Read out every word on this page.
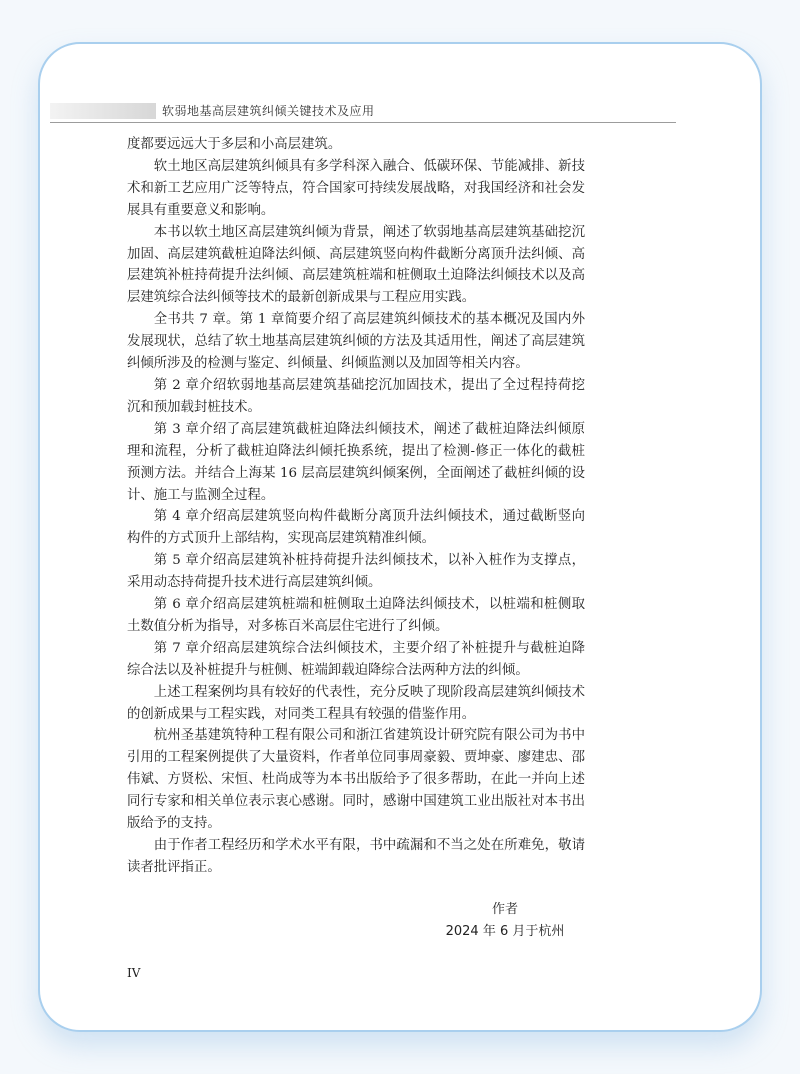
软弱地基高层建筑纠倾关键技术及应用

度都要远远大于多层和小高层建筑。

软土地区高层建筑纠倾具有多学科深入融合、低碳环保、节能减排、新技术和新工艺应用广泛等特点，符合国家可持续发展战略，对我国经济和社会发展具有重要意义和影响。

本书以软土地区高层建筑纠倾为背景，阐述了软弱地基高层建筑基础挖沉加固、高层建筑截桩迫降法纠倾、高层建筑竖向构件截断分离顶升法纠倾、高层建筑补桩持荷提升法纠倾、高层建筑桩端和桩侧取土迫降法纠倾技术以及高层建筑综合法纠倾等技术的最新创新成果与工程应用实践。

全书共 7 章。第 1 章简要介绍了高层建筑纠倾技术的基本概况及国内外发展现状，总结了软土地基高层建筑纠倾的方法及其适用性，阐述了高层建筑纠倾所涉及的检测与鉴定、纠倾量、纠倾监测以及加固等相关内容。

第 2 章介绍软弱地基高层建筑基础挖沉加固技术，提出了全过程持荷挖沉和预加载封桩技术。

第 3 章介绍了高层建筑截桩迫降法纠倾技术，阐述了截桩迫降法纠倾原理和流程，分析了截桩迫降法纠倾托换系统，提出了检测-修正一体化的截桩预测方法。并结合上海某 16 层高层建筑纠倾案例，全面阐述了截桩纠倾的设计、施工与监测全过程。

第 4 章介绍高层建筑竖向构件截断分离顶升法纠倾技术，通过截断竖向构件的方式顶升上部结构，实现高层建筑精准纠倾。

第 5 章介绍高层建筑补桩持荷提升法纠倾技术，以补入桩作为支撑点，采用动态持荷提升技术进行高层建筑纠倾。

第 6 章介绍高层建筑桩端和桩侧取土迫降法纠倾技术，以桩端和桩侧取土数值分析为指导，对多栋百米高层住宅进行了纠倾。

第 7 章介绍高层建筑综合法纠倾技术，主要介绍了补桩提升与截桩迫降综合法以及补桩提升与桩侧、桩端卸载迫降综合法两种方法的纠倾。

上述工程案例均具有较好的代表性，充分反映了现阶段高层建筑纠倾技术的创新成果与工程实践，对同类工程具有较强的借鉴作用。

杭州圣基建筑特种工程有限公司和浙江省建筑设计研究院有限公司为书中引用的工程案例提供了大量资料，作者单位同事周豪毅、贾坤豪、廖建忠、邵伟斌、方贤松、宋恒、杜尚成等为本书出版给予了很多帮助，在此一并向上述同行专家和相关单位表示衷心感谢。同时，感谢中国建筑工业出版社对本书出版给予的支持。

由于作者工程经历和学术水平有限，书中疏漏和不当之处在所难免，敬请读者批评指正。

作者
2024 年 6 月于杭州
IV
